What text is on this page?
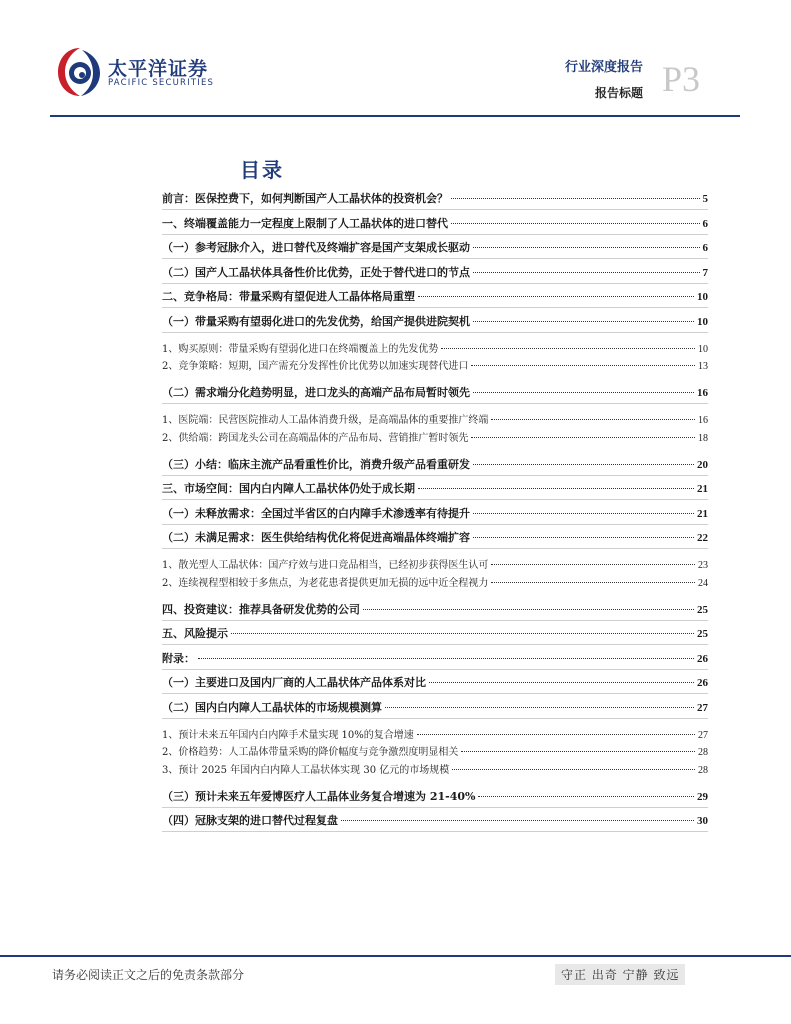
太平洋证券
PACIFIC SECURITIES
行业深度报告
报告标题 P3
目录
前言：医保控费下，如何判断国产人工晶状体的投资机会？	5
一、终端覆盖能力一定程度上限制了人工晶状体的进口替代	6
（一）参考冠脉介入，进口替代及终端扩容是国产支架成长驱动	6
（二）国产人工晶状体具备性价比优势，正处于替代进口的节点	7
二、竞争格局：带量采购有望促进人工晶体格局重塑	10
（一）带量采购有望弱化进口的先发优势，给国产提供进院契机	10
1、购买原则：带量采购有望弱化进口在终端覆盖上的先发优势	10
2、竞争策略：短期，国产需充分发挥性价比优势以加速实现替代进口	13
（二）需求端分化趋势明显，进口龙头的高端产品布局暂时领先	16
1、医院端：民营医院推动人工晶体消费升级，是高端晶体的重要推广终端	16
2、供给端：跨国龙头公司在高端晶体的产品布局、营销推广暂时领先	18
（三）小结：临床主流产品看重性价比，消费升级产品看重研发	20
三、市场空间：国内白内障人工晶状体仍处于成长期	21
（一）未释放需求：全国过半省区的白内障手术渗透率有待提升	21
（二）未满足需求：医生供给结构优化将促进高端晶体终端扩容	22
1、散光型人工晶状体：国产疗效与进口竞品相当，已经初步获得医生认可	23
2、连续视程型相较于多焦点，为老花患者提供更加无损的远中近全程视力	24
四、投资建议：推荐具备研发优势的公司	25
五、风险提示	25
附录：	26
（一）主要进口及国内厂商的人工晶状体产品体系对比	26
（二）国内白内障人工晶状体的市场规模测算	27
1、预计未来五年国内白内障手术量实现 10%的复合增速	27
2、价格趋势：人工晶体带量采购的降价幅度与竞争激烈度明显相关	28
3、预计 2025 年国内白内障人工晶状体实现 30 亿元的市场规模	28
（三）预计未来五年爱博医疗人工晶体业务复合增速为 21-40%	29
（四）冠脉支架的进口替代过程复盘	30
请务必阅读正文之后的免责条款部分	守正 出奇 宁静 致远
